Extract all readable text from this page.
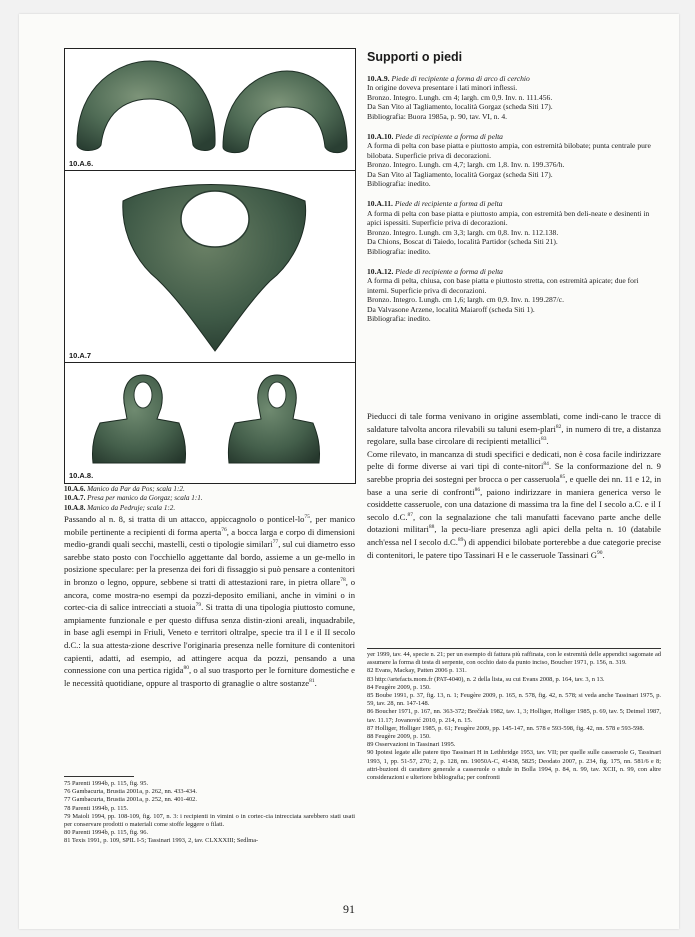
10.A.6.
10.A.7
10.A.8.
10.A.6. Manico da Par da Pos; scala 1:2.
10.A.7. Presa per manico da Gorgaz; scala 1:1.
10.A.8. Manico da Pedruje; scala 1:2.

Passando al n. 8, si tratta di un attacco, appiccagnolo o ponticel-$lo^{75}$, per manico mobile pertinente a recipienti di forma aperta$^{76}$, a bocca larga e corpo di dimensioni medio-grandi quali secchi, mastelli, cesti o tipologie similari$^{77}$, sul cui diametro esso sarebbe stato posto con l'occhiello aggettante dal bordo, assieme a un ge-mello in posizione speculare: per la presenza dei fori di fissaggio si può pensare a contenitori in bronzo o legno, oppure, sebbene si tratti di attestazioni rare, in pietra ollare$^{78}$, o ancora, come mostra-no esempi da pozzi-deposito emiliani, anche in vimini o in cortec-cia di salice intrecciati a stuoia$^{79}$. Si tratta di una tipologia piuttosto comune, ampiamente funzionale e per questo diffusa senza distin-zioni areali, inquadrabile, in base agli esempi in Friuli, Veneto e territori oltralpe, specie tra il I e il II secolo d.C.: la sua attesta-zione descrive l'originaria presenza nelle forniture di contenitori capienti, adatti, ad esempio, ad attingere acqua da pozzi, pensando a una connessione con una pertica rigida$^{80}$, o al suo trasporto per le forniture domestiche e le necessità quotidiane, oppure al trasporto di granaglie o altre sostanze$^{81}$.

75 Parenti 1994b, p. 115, fig. 95.

76 Gambacurta, Brustia 2001a, p. 262, nn. 433-434.

77 Gambacurta, Brustia 2001a, p. 252, nn. 401-402.

78 Parenti 1994b, p. 115.

79 Maioli 1994, pp. 108-109, fig. 107, n. 3: i recipienti in vimini o in cortec-cia intrecciata sarebbero stati usati per conservare prodotti o materiali come stoffe leggere o filati.

80 Parenti 1994b, p. 115, fig. 96.

81 Texis 1991, p. 109, SPIL I-5; Tassinari 1993, 2, tav. CLXXXIII; Sedlma-

Supporti o piedi
10.A.9. Piede di recipiente a forma di arco di cerchio

In origine doveva presentare i lati minori inflessi.

Bronzo. Integro. Lungh. cm 4; largh. cm 0,9. Inv. n. 111.456.

Da San Vito al Tagliamento, località Gorgaz (scheda Siti 17).

Bibliografia: Buora 1985a, p. 90, tav. VI, n. 4.

10.A.10. Piede di recipiente a forma di pelta

A forma di pelta con base piatta e piuttosto ampia, con estremità bilobate; punta centrale pure bilobata. Superficie priva di decorazioni.

Bronzo. Integro. Lungh. cm 4,7; largh. cm 1,8. Inv. n. 199.376/h.

Da San Vito al Tagliamento, località Gorgaz (scheda Siti 17).

Bibliografia: inedito.

10.A.11. Piede di recipiente a forma di pelta

A forma di pelta con base piatta e piuttosto ampia, con estremità ben deli-neate e desinenti in apici ispessiti. Superficie priva di decorazioni.

Bronzo. Integro. Lungh. cm 3,3; largh. cm 0,8. Inv. n. 112.138.

Da Chions, Boscat di Taiedo, località Partidor (scheda Siti 21).

Bibliografia: inedito.

10.A.12. Piede di recipiente a forma di pelta

A forma di pelta, chiusa, con base piatta e piuttosto stretta, con estremità apicate; due fori interni. Superficie priva di decorazioni.

Bronzo. Integro. Lungh. cm 1,6; largh. cm 0,9. Inv. n. 199.287/c.

Da Valvasone Arzene, località Maiaroff (scheda Siti 1).

Bibliografia: inedito.

Pieducci di tale forma venivano in origine assemblati, come indi-cano le tracce di saldature talvolta ancora rilevabili su taluni esem-plari$^{82}$, in numero di tre, a distanza regolare, sulla base circolare di recipienti metallici$^{83}$.

Come rilevato, in mancanza di studi specifici e dedicati, non è cosa facile indirizzare pelte di forme diverse ai vari tipi di conte-nitori$^{84}$. Se la conformazione del n. 9 sarebbe propria dei sostegni per brocca o per casseruola$^{85}$, e quelle dei nn. 11 e 12, in base a una serie di confronti$^{86}$, paiono indirizzare in maniera generica verso le cosiddette casseruole, con una datazione di massima tra la fine del I secolo a.C. e il I secolo d.C.$^{87}$, con la segnalazione che tali manufatti facevano parte anche delle dotazioni militari$^{88}$, la pecu-liare presenza agli apici della pelta n. 10 (databile anch'essa nel I secolo d.C.$^{89}$) di appendici bilobate porterebbe a due categorie precise di contenitori, le patere tipo Tassinari H e le casseruole Tassinari $G^{90}$.

yer 1999, tav. 44, specie n. 21; per un esempio di fattura più raffinata, con le estremità delle appendici sagomate ad assumere la forma di testa di serpente, con occhio dato da punto inciso, Boucher 1971, p. 156, n. 319.

82 Evans, Mackay, Patten 2006 p. 131.

83 http://artefacts.mom.fr (PAT-4040), n. 2 della lista, su cui Evans 2008, p. 164, tav. 3, n 13.

84 Feugère 2009, p. 150.

85 Boube 1991, p. 37, fig. 13, n. 1; Feugère 2009, p. 165, n. 578, fig. 42, n. 578; si veda anche Tassinari 1975, p. 59, tav. 28, nn. 147-148.

86 Boucher 1971, p. 167, nn. 363-372; Brečźak 1982, tav. 1, 3; Holliger, Holliger 1985, p. 69, tav. 5; Deimel 1987, tav. 11.17; Jovanović 2010, p. 214, n. 15.

87 Holliger, Holliger 1985, p. 61; Feugère 2009, pp. 145-147, nn. 578 e 593-598, fig. 42, nn. 578 e 593-598.

88 Feugère 2009, p. 150.

89 Osservazioni in Tassinari 1995.

90 Ipotesi legate alle patere tipo Tassinari H in Lethbridge 1953, tav. VII; per quelle sulle casseruole G, Tassinari 1993, 1, pp. 51-57, 270; 2, p. 128, nn. 19050A-C, 41438, 5825; Deodato 2007, p. 234, fig. 175, nn. 581/6 e 8; attri-buzioni di carattere generale a casseruole o situle in Bolla 1994, p. 84, n. 99, tav. XCII, n. 99, con altre considerazioni e ulteriore bibliografia; per confronti

91
